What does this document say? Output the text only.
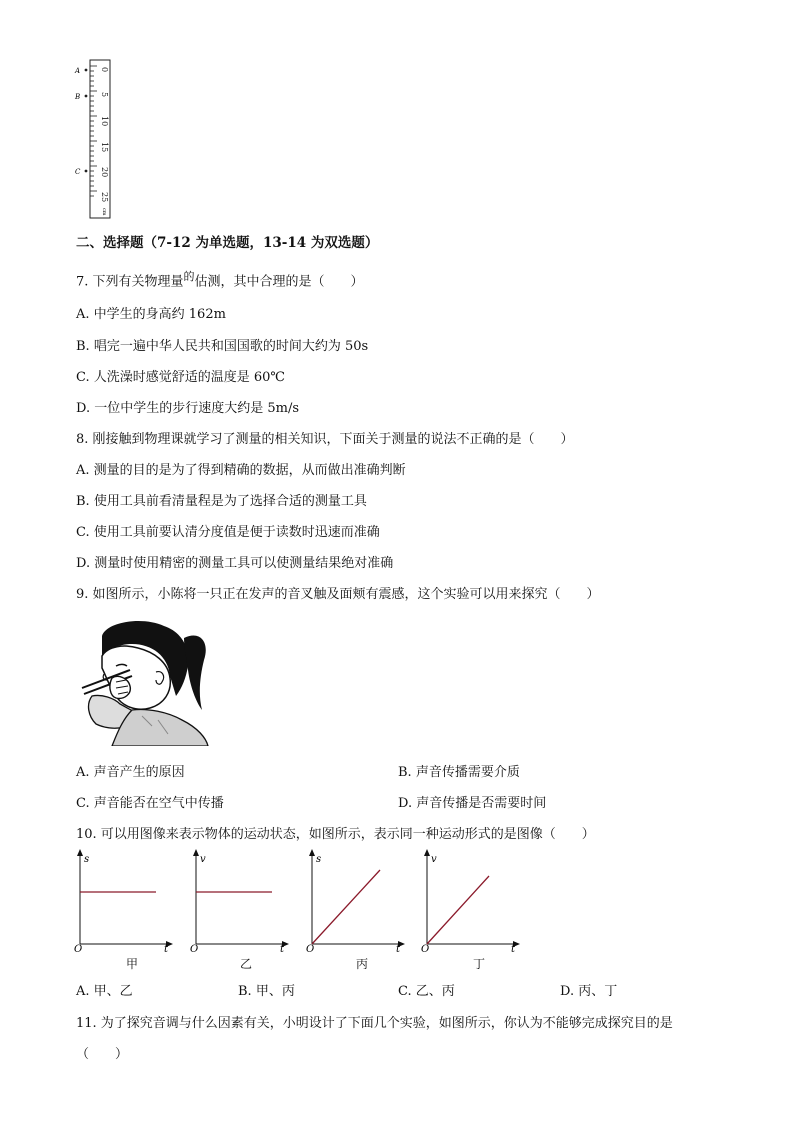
A
B
C
0
5
10
15
20
25
cm
二、选择题（7-12 为单选题，13-14 为双选题）
7. 下列有关物理量$^的$估测，其中合理的是（　　）
A. 中学生的身高约 162m
B. 唱完一遍中华人民共和国国歌的时间大约为 50s
C. 人洗澡时感觉舒适的温度是 60℃
D. 一位中学生的步行速度大约是 5m/s
8. 刚接触到物理课就学习了测量的相关知识，下面关于测量的说法不正确的是（　　）
A. 测量的目的是为了得到精确的数据，从而做出准确判断
B. 使用工具前看清量程是为了选择合适的测量工具
C. 使用工具前要认清分度值是便于读数时迅速而准确
D. 测量时使用精密的测量工具可以使测量结果绝对准确
9. 如图所示，小陈将一只正在发声的音叉触及面颊有震感，这个实验可以用来探究（　　）
A. 声音产生的原因	B. 声音传播需要介质
C. 声音能否在空气中传播	D. 声音传播是否需要时间
10. 可以用图像来表示物体的运动状态，如图所示，表示同一种运动形式的是图像（　　）
s
t
O
甲
v
t
O
乙
s
t
O
丙
v
t
O
丁
A. 甲、乙	B. 甲、丙	C. 乙、丙	D. 丙、丁
11. 为了探究音调与什么因素有关，小明设计了下面几个实验，如图所示，你认为不能够完成探究目的是
（　　）
